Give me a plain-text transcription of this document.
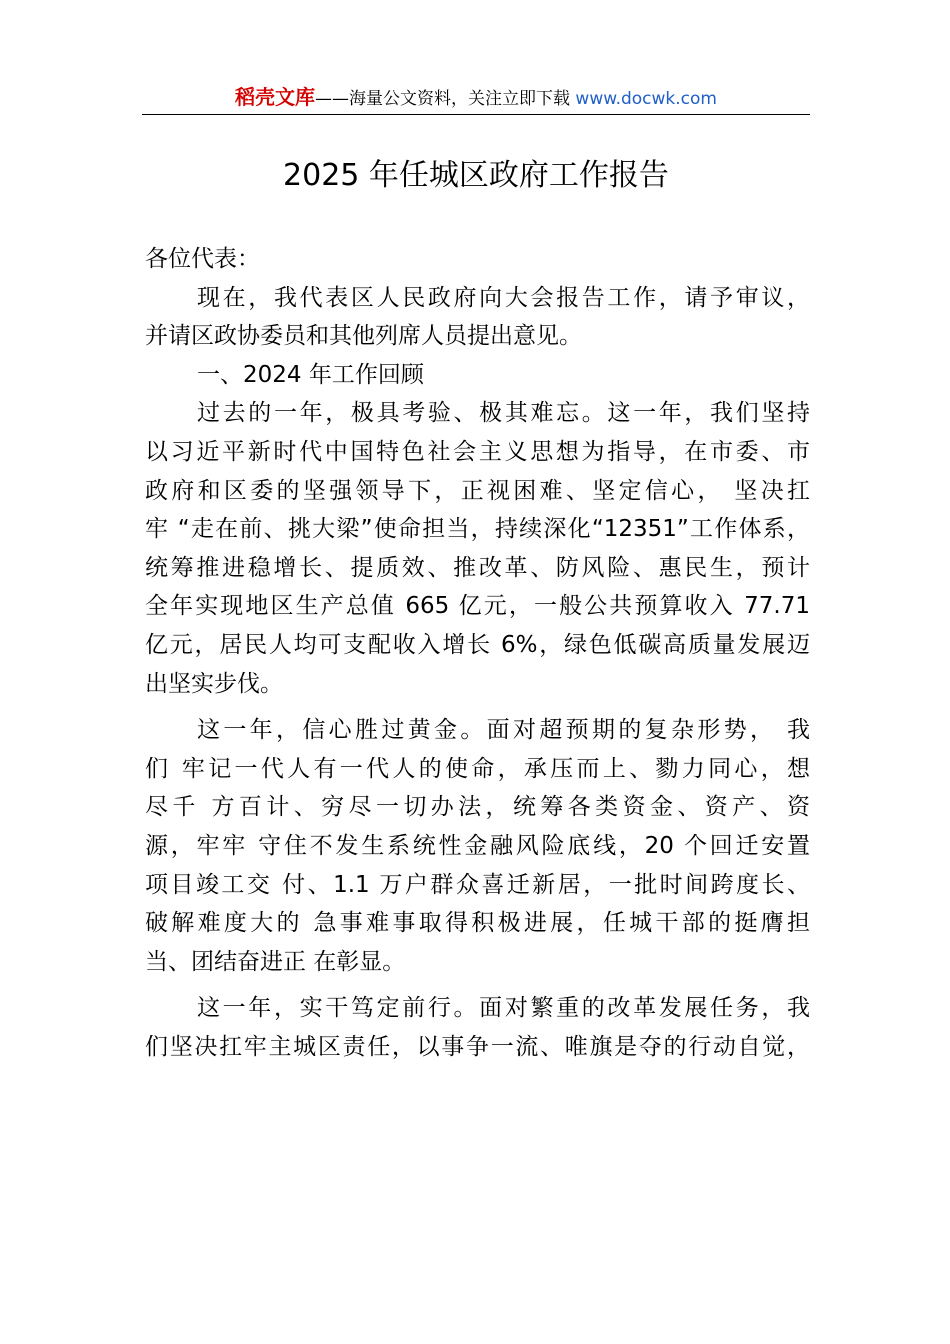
稻壳文库——海量公文资料，关注立即下载 www.docwk.com
2025 年任城区政府工作报告
各位代表：
现在，我代表区人民政府向大会报告工作，请予审议，
并请区政协委员和其他列席人员提出意见。
一、2024 年工作回顾
过去的一年，极具考验、极其难忘。这一年，我们坚持
以习近平新时代中国特色社会主义思想为指导，在市委、市
政府和区委的坚强领导下，正视困难、坚定信心， 坚决扛
牢 “走在前、挑大梁”使命担当，持续深化“12351”工作体系，
统筹推进稳增长、提质效、推改革、防风险、惠民生，预计
全年实现地区生产总值 665 亿元，一般公共预算收入 77.71
亿元，居民人均可支配收入增长 6%，绿色低碳高质量发展迈
出坚实步伐。
这一年，信心胜过黄金。面对超预期的复杂形势， 我
们 牢记一代人有一代人的使命，承压而上、勠力同心，想
尽千 方百计、穷尽一切办法，统筹各类资金、资产、资
源，牢牢 守住不发生系统性金融风险底线，20 个回迁安置
项目竣工交 付、1.1 万户群众喜迁新居，一批时间跨度长、
破解难度大的 急事难事取得积极进展，任城干部的挺膺担
当、团结奋进正 在彰显。
这一年，实干笃定前行。面对繁重的改革发展任务，我
们坚决扛牢主城区责任，以事争一流、唯旗是夺的行动自觉，
